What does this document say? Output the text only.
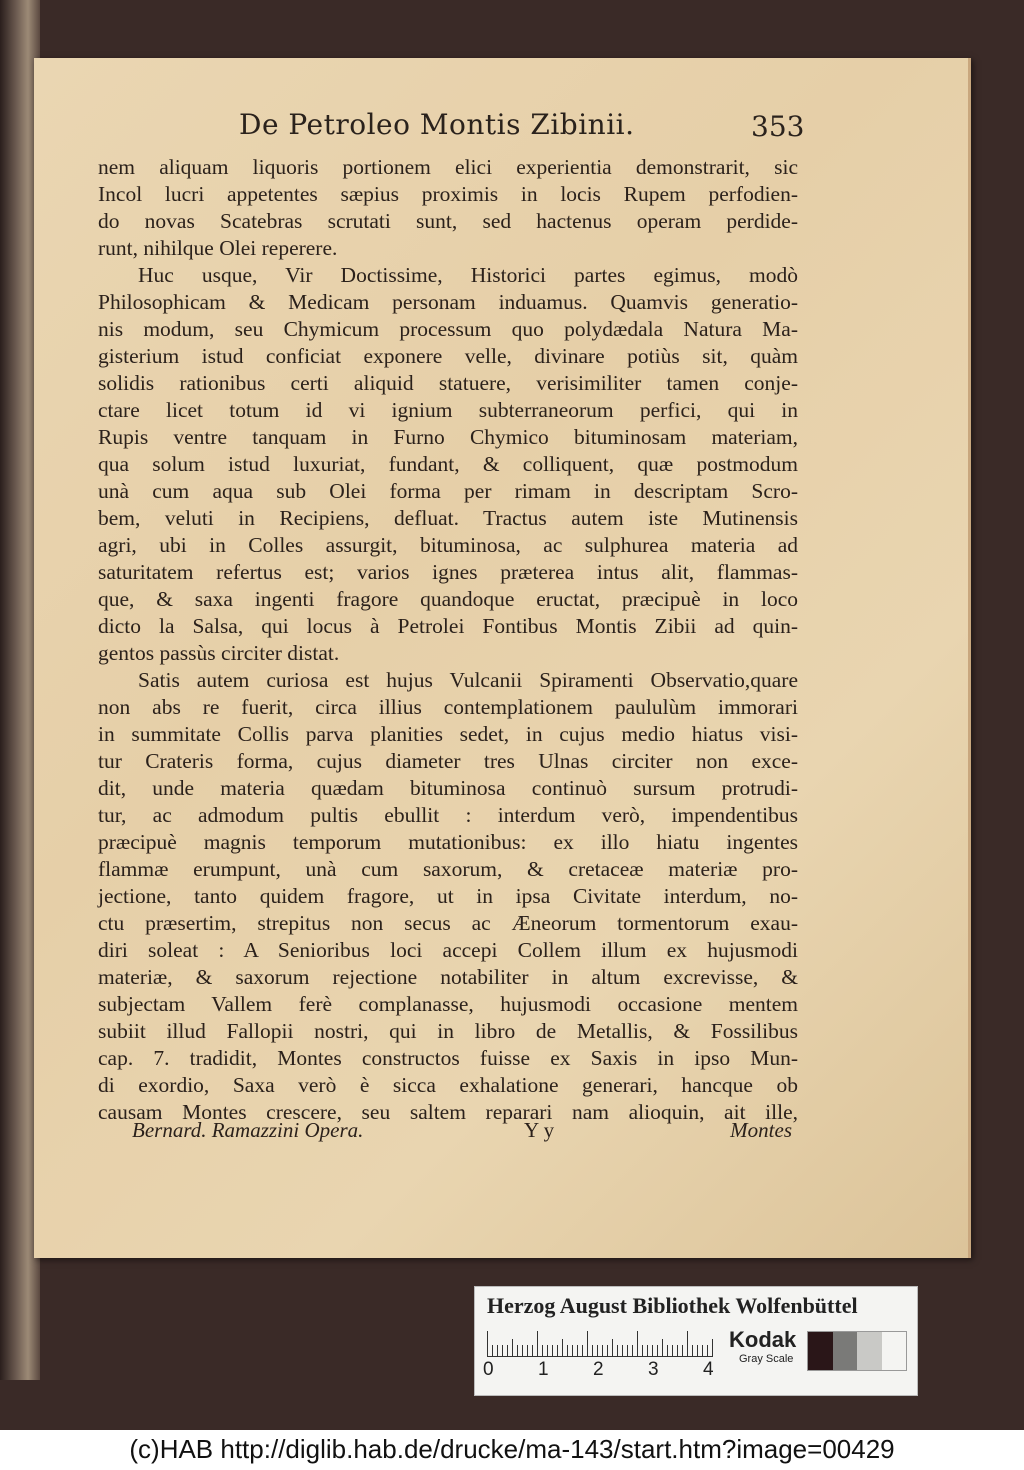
De Petroleo Montis Zibinii.	353
nem aliquam liquoris portionem elici experientia demonstrarit, sic
Incol lucri appetentes sæpius proximis in locis Rupem perfodien-
do novas Scatebras scrutati sunt, sed hactenus operam perdide-
runt, nihilque Olei reperere.
Huc usque, Vir Doctissime, Historici partes egimus, modò
Philosophicam & Medicam personam induamus. Quamvis generatio-
nis modum, seu Chymicum processum quo polydædala Natura Ma-
gisterium istud conficiat exponere velle, divinare potiùs sit, quàm
solidis rationibus certi aliquid statuere, verisimiliter tamen conje-
ctare licet totum id vi ignium subterraneorum perfici, qui in
Rupis ventre tanquam in Furno Chymico bituminosam materiam,
qua solum istud luxuriat, fundant, & colliquent, quæ postmodum
unà cum aqua sub Olei forma per rimam in descriptam Scro-
bem, veluti in Recipiens, defluat. Tractus autem iste Mutinensis
agri, ubi in Colles assurgit, bituminosa, ac sulphurea materia ad
saturitatem refertus est; varios ignes præterea intus alit, flammas-
que, & saxa ingenti fragore quandoque eructat, præcipuè in loco
dicto la Salsa, qui locus à Petrolei Fontibus Montis Zibii ad quin-
gentos passùs circiter distat.
Satis autem curiosa est hujus Vulcanii Spiramenti Observatio,quare
non abs re fuerit, circa illius contemplationem paululùm immorari
in summitate Collis parva planities sedet, in cujus medio hiatus visi-
tur Crateris forma, cujus diameter tres Ulnas circiter non exce-
dit, unde materia quædam bituminosa continuò sursum protrudi-
tur, ac admodum pultis ebullit : interdum verò, impendentibus
præcipuè magnis temporum mutationibus: ex illo hiatu ingentes
flammæ erumpunt, unà cum saxorum, & cretaceæ materiæ pro-
jectione, tanto quidem fragore, ut in ipsa Civitate interdum, no-
ctu præsertim, strepitus non secus ac Æneorum tormentorum exau-
diri soleat : A Senioribus loci accepi Collem illum ex hujusmodi
materiæ, & saxorum rejectione notabiliter in altum excrevisse, &
subjectam Vallem ferè complanasse, hujusmodi occasione mentem
subiit illud Fallopii nostri, qui in libro de Metallis, & Fossilibus
cap. 7. tradidit, Montes constructos fuisse ex Saxis in ipso Mun-
di exordio, Saxa verò è sicca exhalatione generari, hancque ob
causam Montes crescere, seu saltem reparari nam alioquin, ait ille,
Bernard. Ramazzini Opera.	Y y	Montes
Herzog August Bibliothek Wolfenbüttel
0 1 2 3 4
Kodak
Gray Scale
(c)HAB http://diglib.hab.de/drucke/ma-143/start.htm?image=00429
